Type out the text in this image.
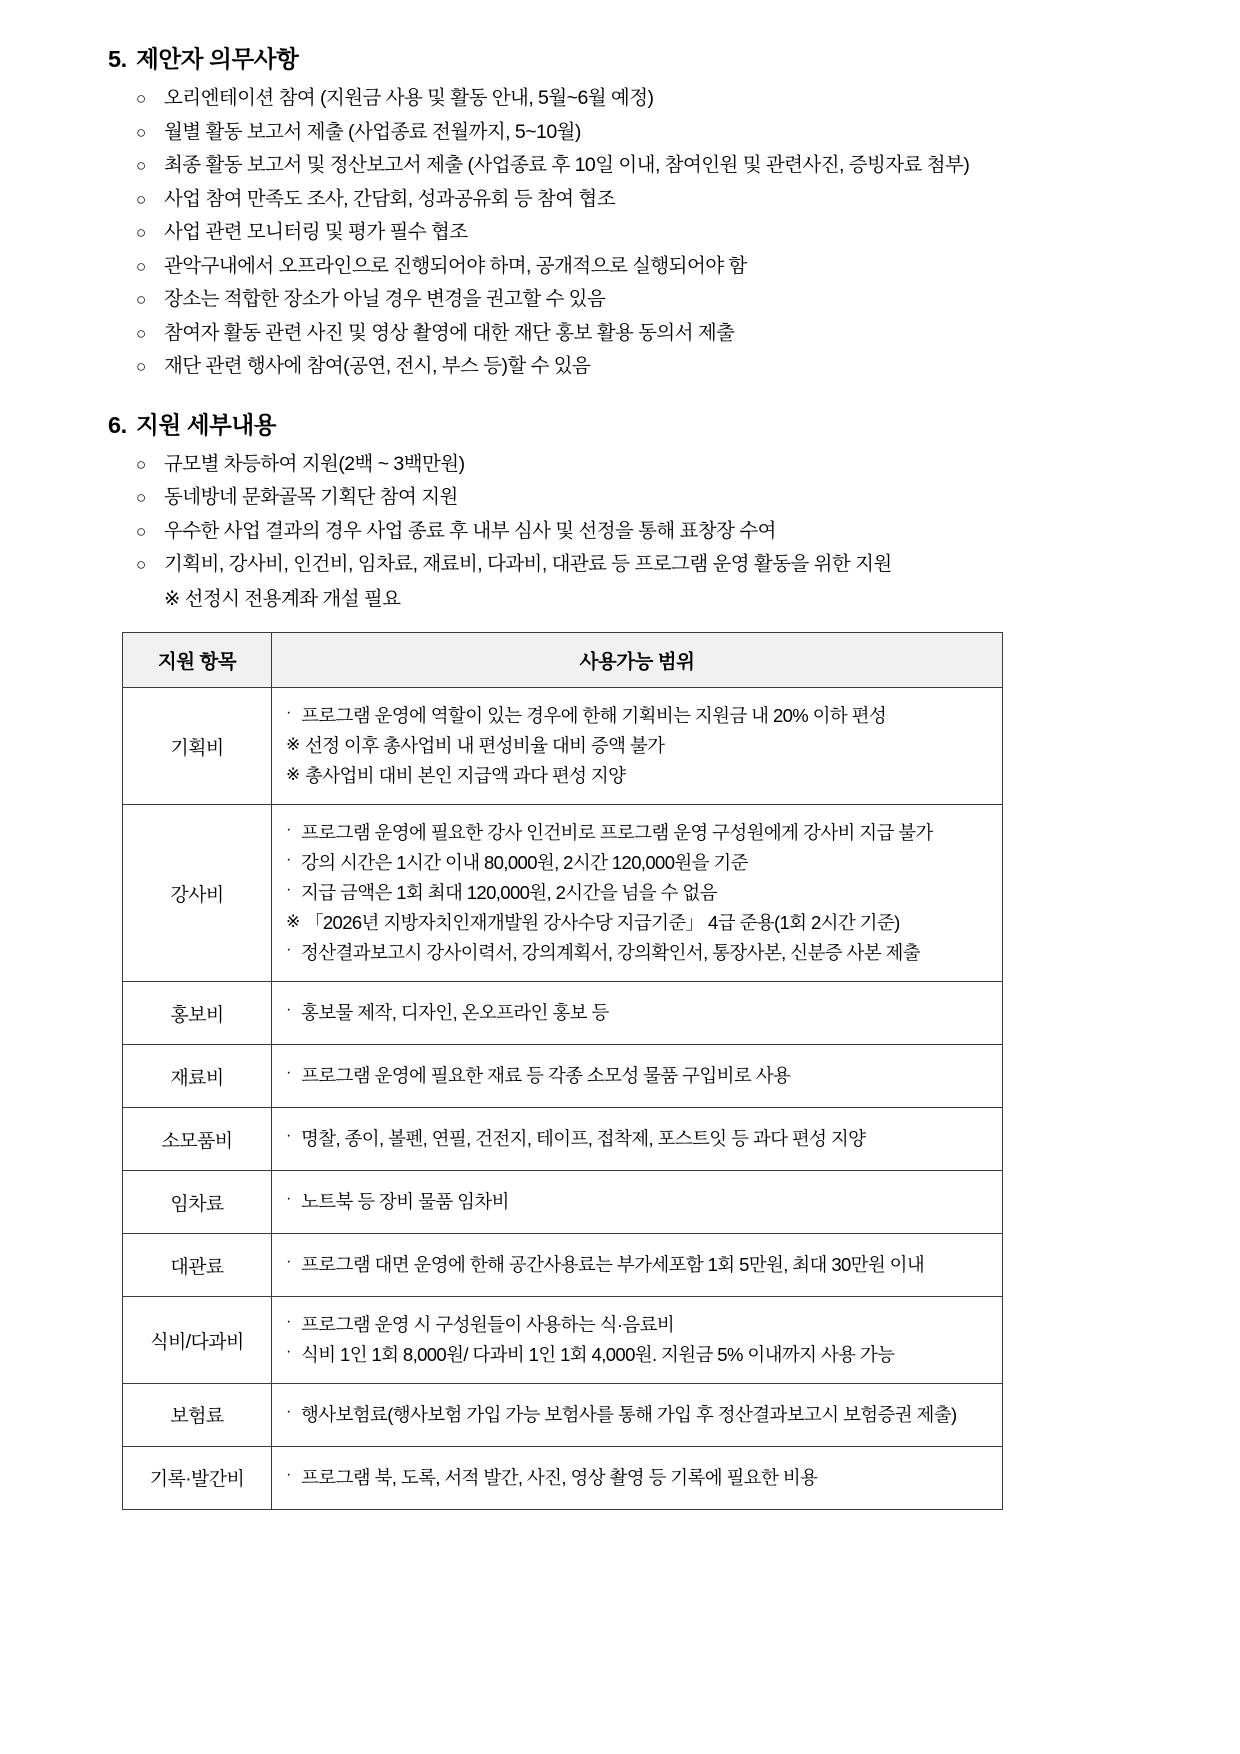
5. 제안자 의무사항
○ 오리엔테이션 참여 (지원금 사용 및 활동 안내, 5월~6월 예정)
○ 월별 활동 보고서 제출 (사업종료 전월까지, 5~10월)
○ 최종 활동 보고서 및 정산보고서 제출 (사업종료 후 10일 이내, 참여인원 및 관련사진, 증빙자료 첨부)
○ 사업 참여 만족도 조사, 간담회, 성과공유회 등 참여 협조
○ 사업 관련 모니터링 및 평가 필수 협조
○ 관악구내에서 오프라인으로 진행되어야 하며, 공개적으로 실행되어야 함
○ 장소는 적합한 장소가 아닐 경우 변경을 권고할 수 있음
○ 참여자 활동 관련 사진 및 영상 촬영에 대한 재단 홍보 활용 동의서 제출
○ 재단 관련 행사에 참여(공연, 전시, 부스 등)할 수 있음
6. 지원 세부내용
○ 규모별 차등하여 지원(2백 ~ 3백만원)
○ 동네방네 문화골목 기획단 참여 지원
○ 우수한 사업 결과의 경우 사업 종료 후 내부 심사 및 선정을 통해 표창장 수여
○ 기획비, 강사비, 인건비, 임차료, 재료비, 다과비, 대관료 등 프로그램 운영 활동을 위한 지원
※ 선정시 전용계좌 개설 필요
지원 항목	사용가능 범위
기획비	
· 프로그램 운영에 역할이 있는 경우에 한해 기획비는 지원금 내 20% 이하 편성
※ 선정 이후 총사업비 내 편성비율 대비 증액 불가
※ 총사업비 대비 본인 지급액 과다 편성 지양

강사비	
· 프로그램 운영에 필요한 강사 인건비로 프로그램 운영 구성원에게 강사비 지급 불가
· 강의 시간은 1시간 이내 80,000원, 2시간 120,000원을 기준
· 지급 금액은 1회 최대 120,000원, 2시간을 넘을 수 없음
※ 「2026년 지방자치인재개발원 강사수당 지급기준」 4급 준용(1회 2시간 기준)
· 정산결과보고시 강사이력서, 강의계획서, 강의확인서, 통장사본, 신분증 사본 제출

홍보비	· 홍보물 제작, 디자인, 온오프라인 홍보 등

재료비	· 프로그램 운영에 필요한 재료 등 각종 소모성 물품 구입비로 사용

소모품비	· 명찰, 종이, 볼펜, 연필, 건전지, 테이프, 접착제, 포스트잇 등 과다 편성 지양

임차료	· 노트북 등 장비 물품 임차비

대관료	· 프로그램 대면 운영에 한해 공간사용료는 부가세포함 1회 5만원, 최대 30만원 이내

식비/다과비	
· 프로그램 운영 시 구성원들이 사용하는 식·음료비
· 식비 1인 1회 8,000원/ 다과비 1인 1회 4,000원. 지원금 5% 이내까지 사용 가능

보험료	· 행사보험료(행사보험 가입 가능 보험사를 통해 가입 후 정산결과보고시 보험증권 제출)

기록·발간비	· 프로그램 북, 도록, 서적 발간, 사진, 영상 촬영 등 기록에 필요한 비용
